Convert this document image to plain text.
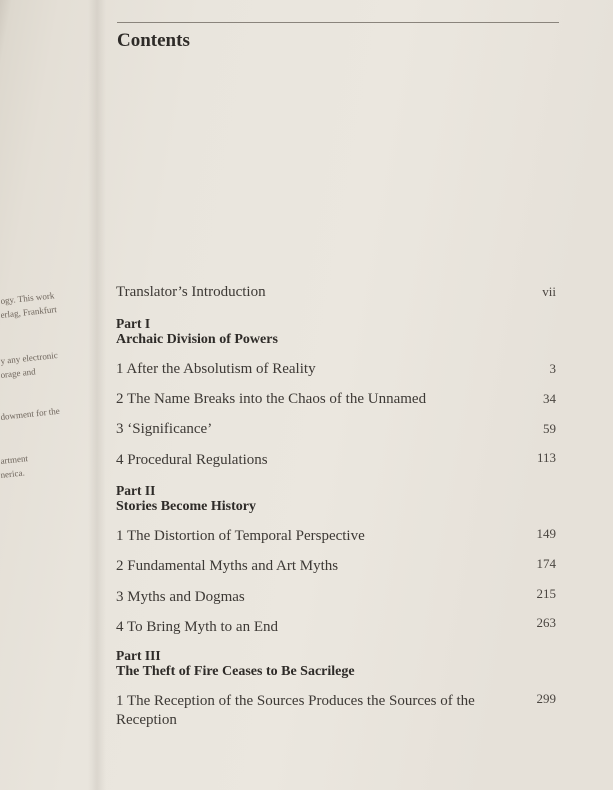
ogy. This work
erlag, Frankfurt
y any electronic
orage and
dowment for the
artment
nerica.
Contents
Translator’s Introduction	vii
Part I
Archaic Division of Powers
1 After the Absolutism of Reality	3
2 The Name Breaks into the Chaos of the Unnamed	34
3 ‘Significance’	59
4 Procedural Regulations	113
Part II
Stories Become History
1 The Distortion of Temporal Perspective	149
2 Fundamental Myths and Art Myths	174
3 Myths and Dogmas	215
4 To Bring Myth to an End	263
Part III
The Theft of Fire Ceases to Be Sacrilege
1 The Reception of the Sources Produces the Sources of the Reception
299
